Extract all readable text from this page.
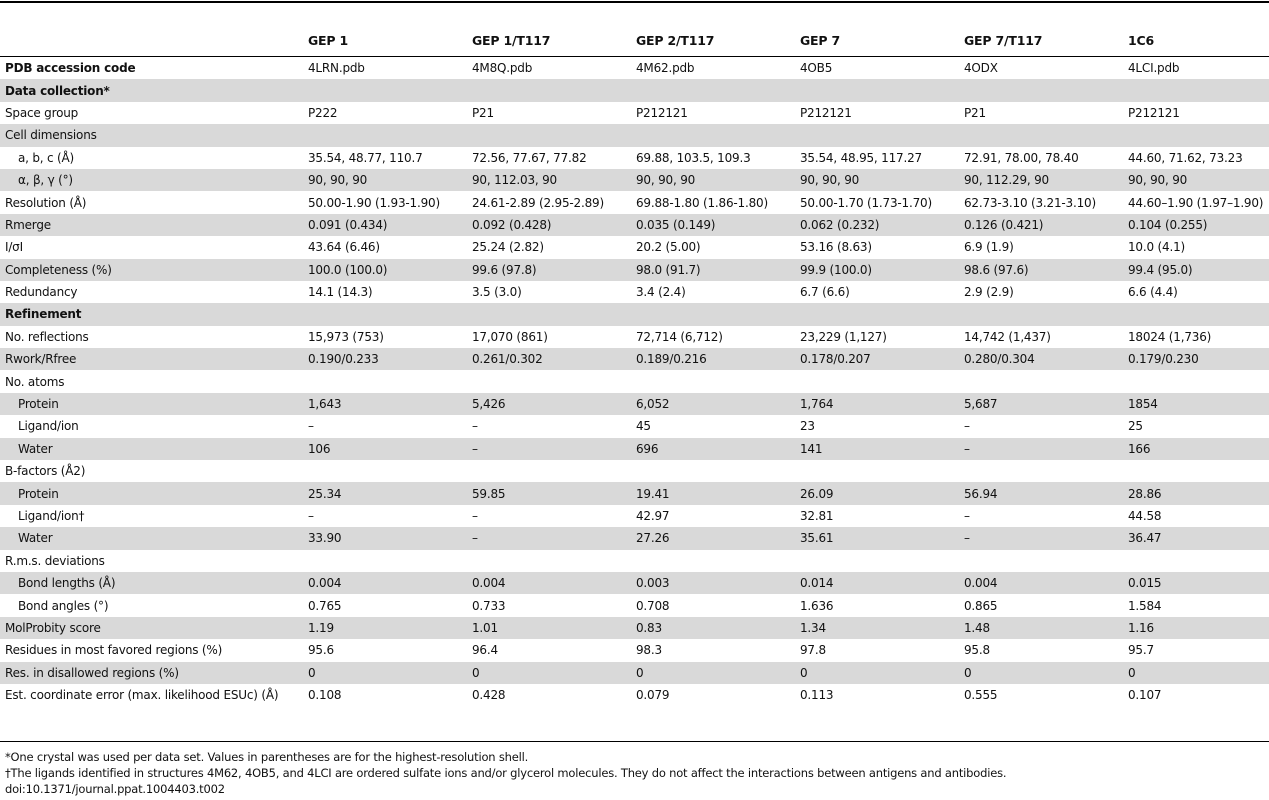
GEP 1	GEP 1/T117	GEP 2/T117	GEP 7	GEP 7/T117	1C6
PDB accession code	4LRN.pdb	4M8Q.pdb	4M62.pdb	4OB5	4ODX	4LCI.pdb
Data collection*						
Space group	P222	P21	P212121	P212121	P21	P212121
Cell dimensions						
a, b, c (Å)	35.54, 48.77, 110.7	72.56, 77.67, 77.82	69.88, 103.5, 109.3	35.54, 48.95, 117.27	72.91, 78.00, 78.40	44.60, 71.62, 73.23
α, β, γ (°)	90, 90, 90	90, 112.03, 90	90, 90, 90	90, 90, 90	90, 112.29, 90	90, 90, 90
Resolution (Å)	50.00-1.90 (1.93-1.90)	24.61-2.89 (2.95-2.89)	69.88-1.80 (1.86-1.80)	50.00-1.70 (1.73-1.70)	62.73-3.10 (3.21-3.10)	44.60–1.90 (1.97–1.90)
Rmerge	0.091 (0.434)	0.092 (0.428)	0.035 (0.149)	0.062 (0.232)	0.126 (0.421)	0.104 (0.255)
I/σI	43.64 (6.46)	25.24 (2.82)	20.2 (5.00)	53.16 (8.63)	6.9 (1.9)	10.0 (4.1)
Completeness (%)	100.0 (100.0)	99.6 (97.8)	98.0 (91.7)	99.9 (100.0)	98.6 (97.6)	99.4 (95.0)
Redundancy	14.1 (14.3)	3.5 (3.0)	3.4 (2.4)	6.7 (6.6)	2.9 (2.9)	6.6 (4.4)
Refinement						
No. reflections	15,973 (753)	17,070 (861)	72,714 (6,712)	23,229 (1,127)	14,742 (1,437)	18024 (1,736)
Rwork/Rfree	0.190/0.233	0.261/0.302	0.189/0.216	0.178/0.207	0.280/0.304	0.179/0.230
No. atoms						
Protein	1,643	5,426	6,052	1,764	5,687	1854
Ligand/ion	–	–	45	23	–	25
Water	106	–	696	141	–	166
B-factors (Å2)						
Protein	25.34	59.85	19.41	26.09	56.94	28.86
Ligand/ion†	–	–	42.97	32.81	–	44.58
Water	33.90	–	27.26	35.61	–	36.47
R.m.s. deviations						
Bond lengths (Å)	0.004	0.004	0.003	0.014	0.004	0.015
Bond angles (°)	0.765	0.733	0.708	1.636	0.865	1.584
MolProbity score	1.19	1.01	0.83	1.34	1.48	1.16
Residues in most favored regions (%)	95.6	96.4	98.3	97.8	95.8	95.7
Res. in disallowed regions (%)	0	0	0	0	0	0
Est. coordinate error (max. likelihood ESUc) (Å)	0.108	0.428	0.079	0.113	0.555	0.107
*One crystal was used per data set. Values in parentheses are for the highest-resolution shell.
†The ligands identified in structures 4M62, 4OB5, and 4LCI are ordered sulfate ions and/or glycerol molecules. They do not affect the interactions between antigens and antibodies.
doi:10.1371/journal.ppat.1004403.t002
